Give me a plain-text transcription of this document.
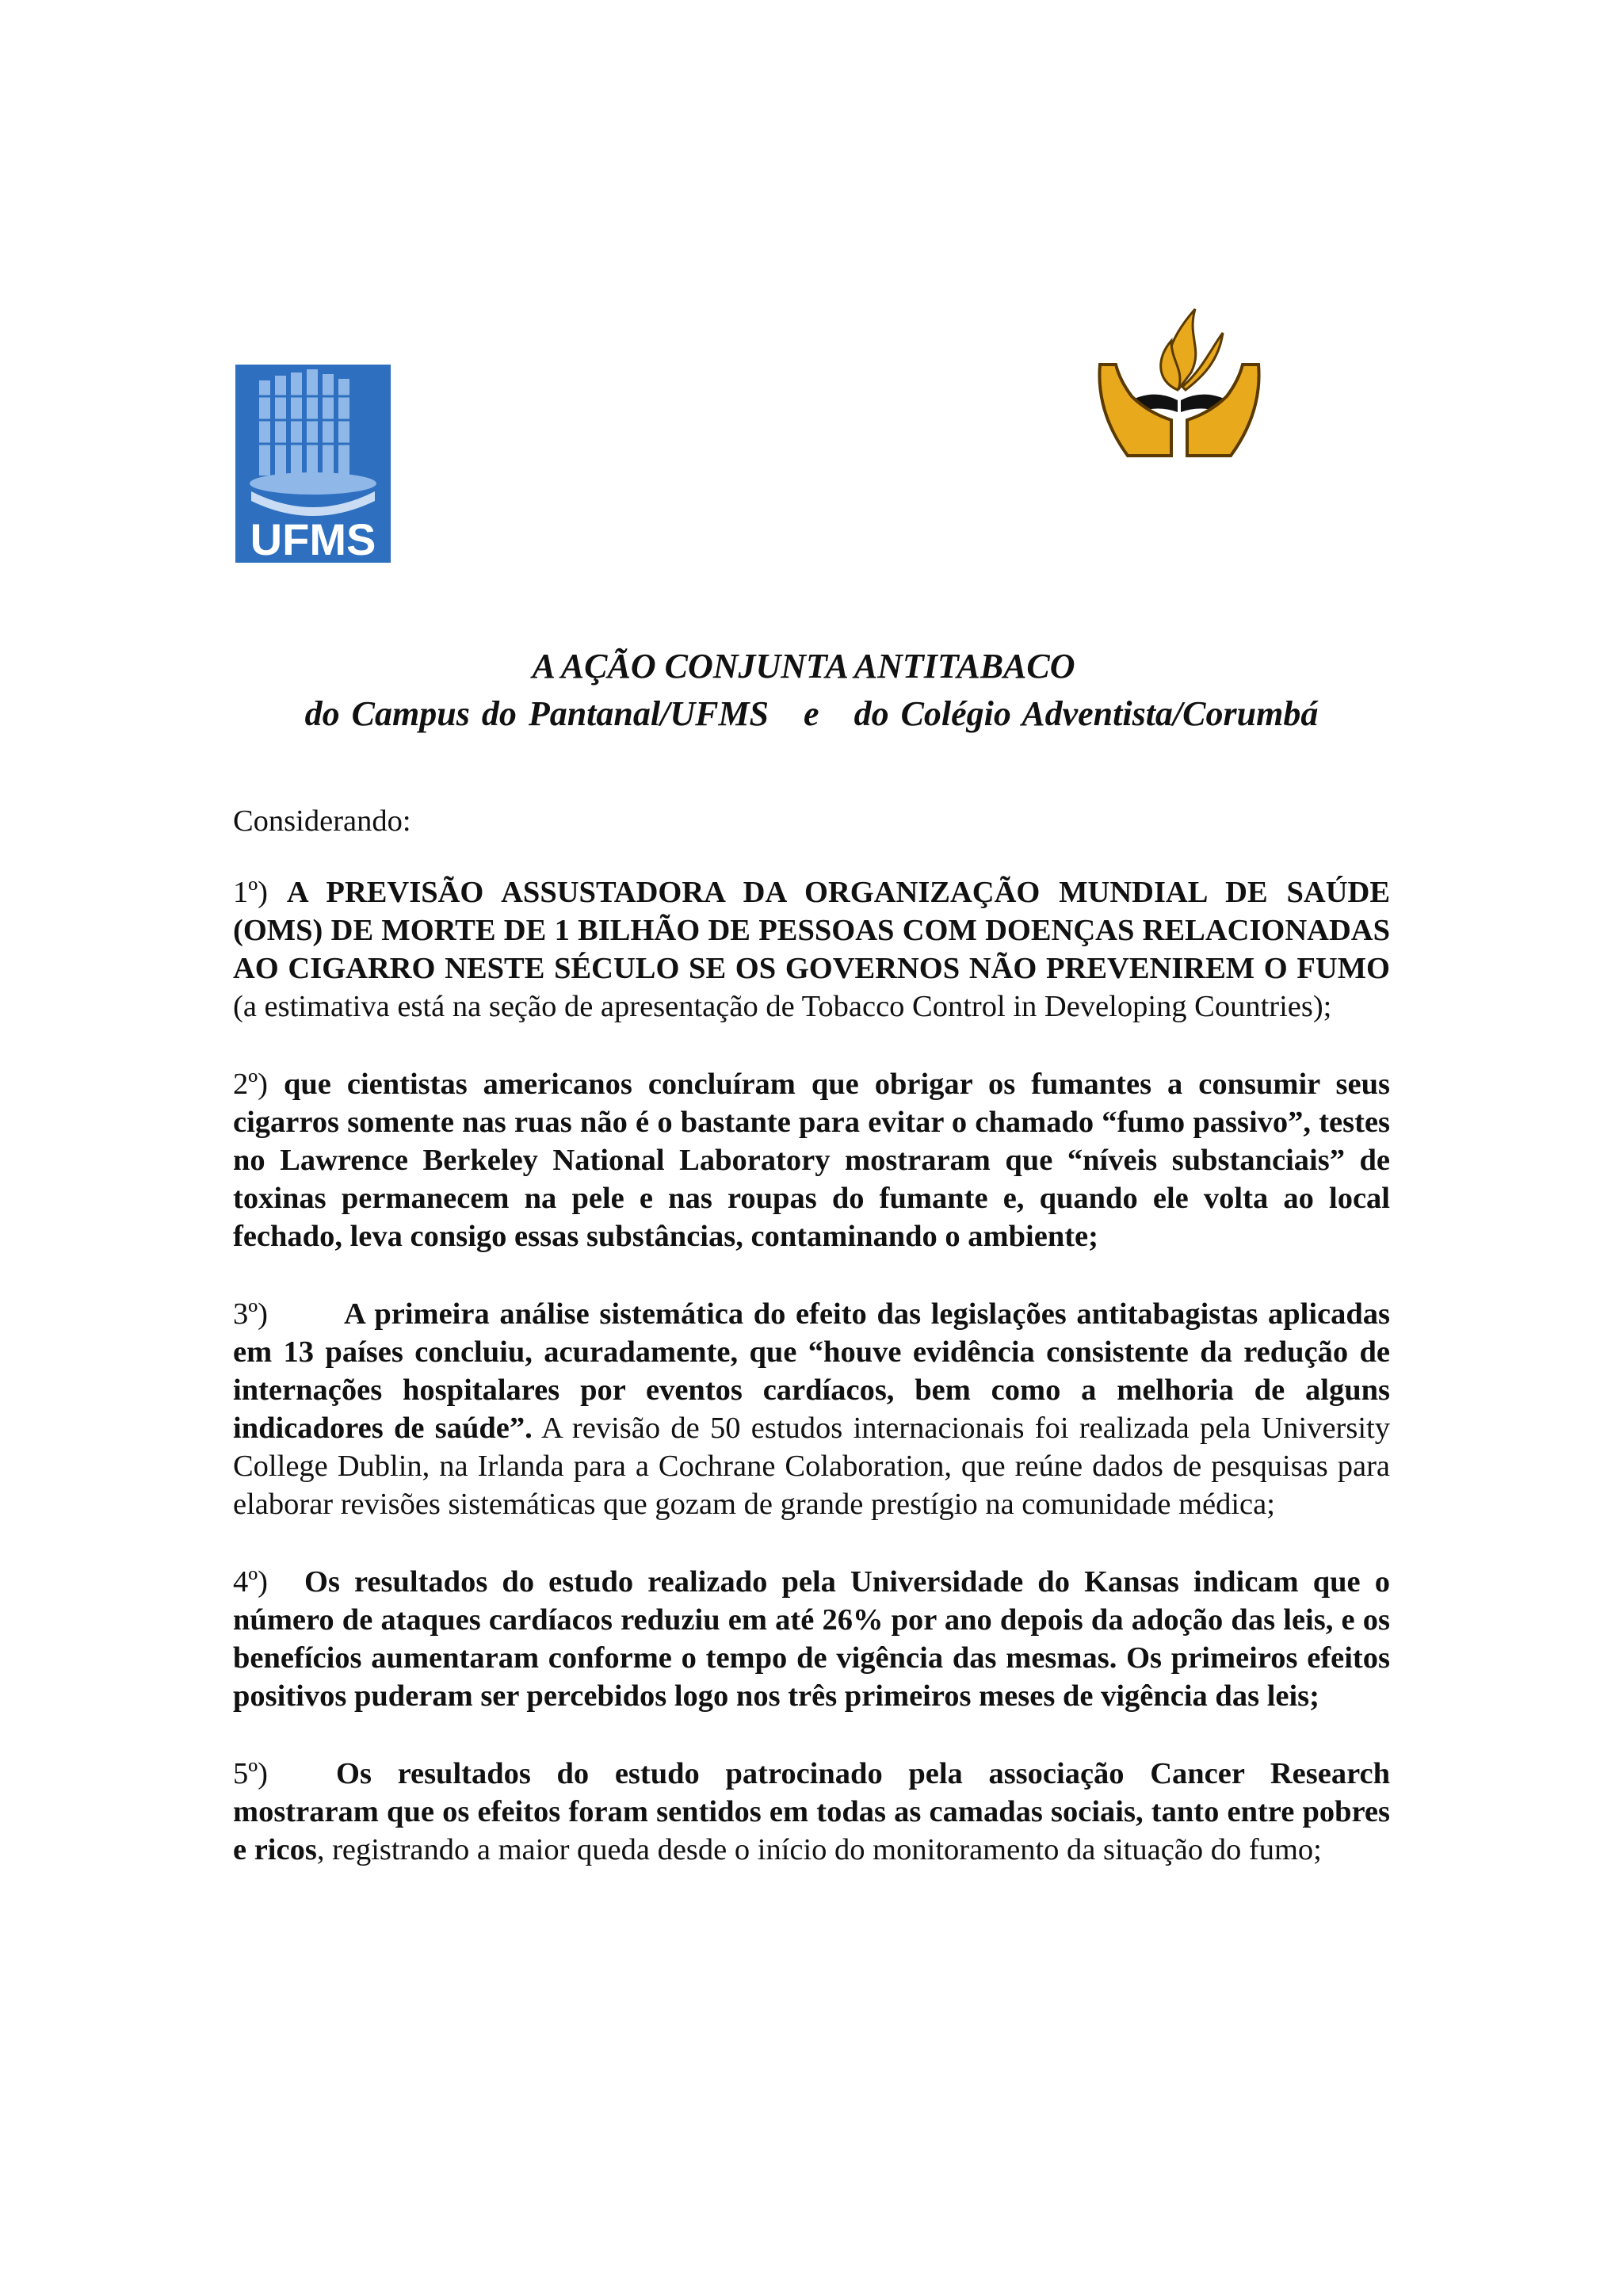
UFMS
A AÇÃO CONJUNTA ANTITABACO
do Campus do Pantanal/UFMS e do Colégio Adventista/Corumbá

Considerando:

1º) A PREVISÃO ASSUSTADORA DA ORGANIZAÇÃO MUNDIAL DE SAÚDE (OMS) DE MORTE DE 1 BILHÃO DE PESSOAS COM DOENÇAS RELACIONADAS AO CIGARRO NESTE SÉCULO SE OS GOVERNOS NÃO PREVENIREM O FUMO (a estimativa está na seção de apresentação de Tobacco Control in Developing Countries);

2º) que cientistas americanos concluíram que obrigar os fumantes a consumir seus cigarros somente nas ruas não é o bastante para evitar o chamado “fumo passivo”, testes no Lawrence Berkeley National Laboratory mostraram que “níveis substanciais” de toxinas permanecem na pele e nas roupas do fumante e, quando ele volta ao local fechado, leva consigo essas substâncias, contaminando o ambiente;

3º) A primeira análise sistemática do efeito das legislações antitabagistas aplicadas em 13 países concluiu, acuradamente, que “houve evidência consistente da redução de internações hospitalares por eventos cardíacos, bem como a melhoria de alguns indicadores de saúde”. A revisão de 50 estudos internacionais foi realizada pela University College Dublin, na Irlanda para a Cochrane Colaboration, que reúne dados de pesquisas para elaborar revisões sistemáticas que gozam de grande prestígio na comunidade médica;

4º) Os resultados do estudo realizado pela Universidade do Kansas indicam que o número de ataques cardíacos reduziu em até 26% por ano depois da adoção das leis, e os benefícios aumentaram conforme o tempo de vigência das mesmas. Os primeiros efeitos positivos puderam ser percebidos logo nos três primeiros meses de vigência das leis;

5º) Os resultados do estudo patrocinado pela associação Cancer Research mostraram que os efeitos foram sentidos em todas as camadas sociais, tanto entre pobres e ricos, registrando a maior queda desde o início do monitoramento da situação do fumo;
